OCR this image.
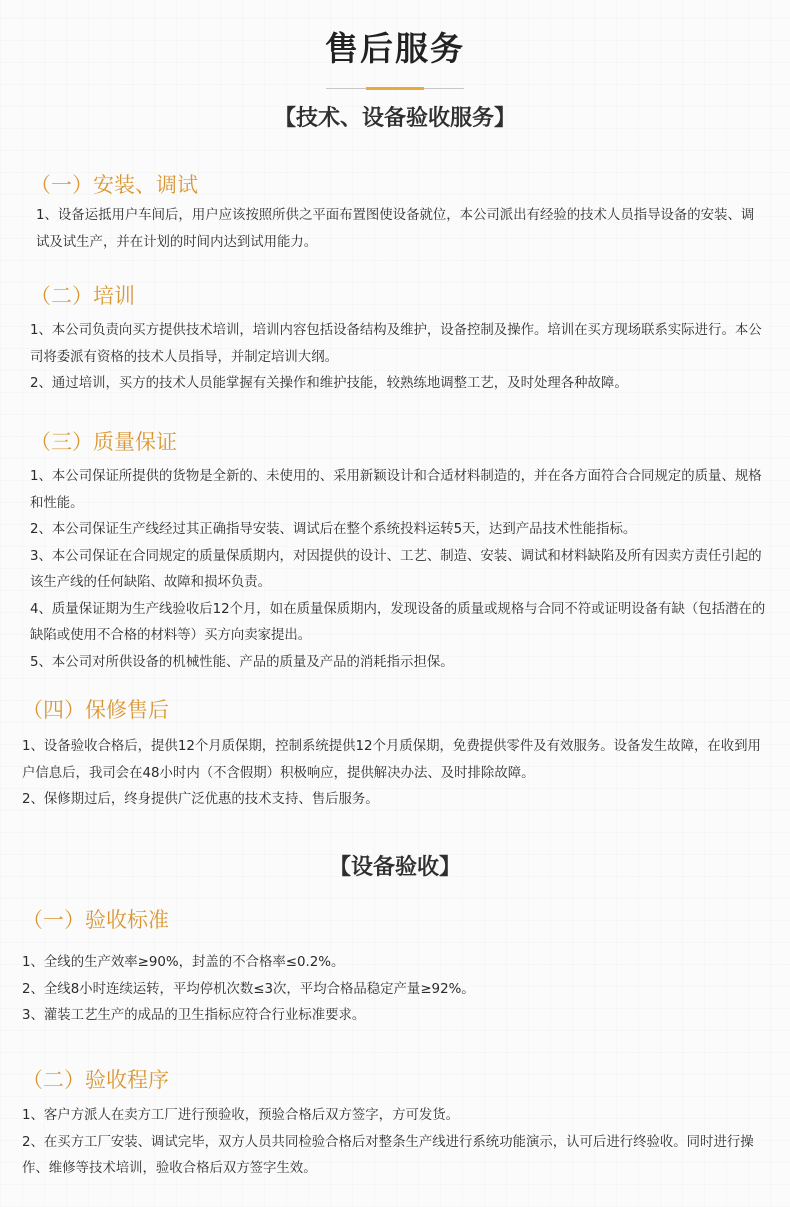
售后服务
【技术、设备验收服务】
（一）安装、调试

1、设备运抵用户车间后，用户应该按照所供之平面布置图使设备就位，本公司派出有经验的技术人员指导设备的安装、调试及试生产，并在计划的时间内达到试用能力。

（二）培训

1、本公司负责向买方提供技术培训，培训内容包括设备结构及维护，设备控制及操作。培训在买方现场联系实际进行。本公司将委派有资格的技术人员指导，并制定培训大纲。

2、通过培训，买方的技术人员能掌握有关操作和维护技能，较熟练地调整工艺，及时处理各种故障。

（三）质量保证

1、本公司保证所提供的货物是全新的、未使用的、采用新颖设计和合适材料制造的，并在各方面符合合同规定的质量、规格和性能。

2、本公司保证生产线经过其正确指导安装、调试后在整个系统投料运转5天，达到产品技术性能指标。

3、本公司保证在合同规定的质量保质期内，对因提供的设计、工艺、制造、安装、调试和材料缺陷及所有因卖方责任引起的该生产线的任何缺陷、故障和损坏负责。

4、质量保证期为生产线验收后12个月，如在质量保质期内，发现设备的质量或规格与合同不符或证明设备有缺（包括潜在的缺陷或使用不合格的材料等）买方向卖家提出。

5、本公司对所供设备的机械性能、产品的质量及产品的消耗指示担保。

（四）保修售后

1、设备验收合格后，提供12个月质保期，控制系统提供12个月质保期，免费提供零件及有效服务。设备发生故障，在收到用户信息后，我司会在48小时内（不含假期）积极响应，提供解决办法、及时排除故障。

2、保修期过后，终身提供广泛优惠的技术支持、售后服务。

【设备验收】
（一）验收标准

1、全线的生产效率≥90%，封盖的不合格率≤0.2%。

2、全线8小时连续运转，平均停机次数≤3次，平均合格品稳定产量≥92%。

3、灌装工艺生产的成品的卫生指标应符合行业标准要求。

（二）验收程序

1、客户方派人在卖方工厂进行预验收，预验合格后双方签字，方可发货。

2、在买方工厂安装、调试完毕，双方人员共同检验合格后对整条生产线进行系统功能演示，认可后进行终验收。同时进行操作、维修等技术培训，验收合格后双方签字生效。
